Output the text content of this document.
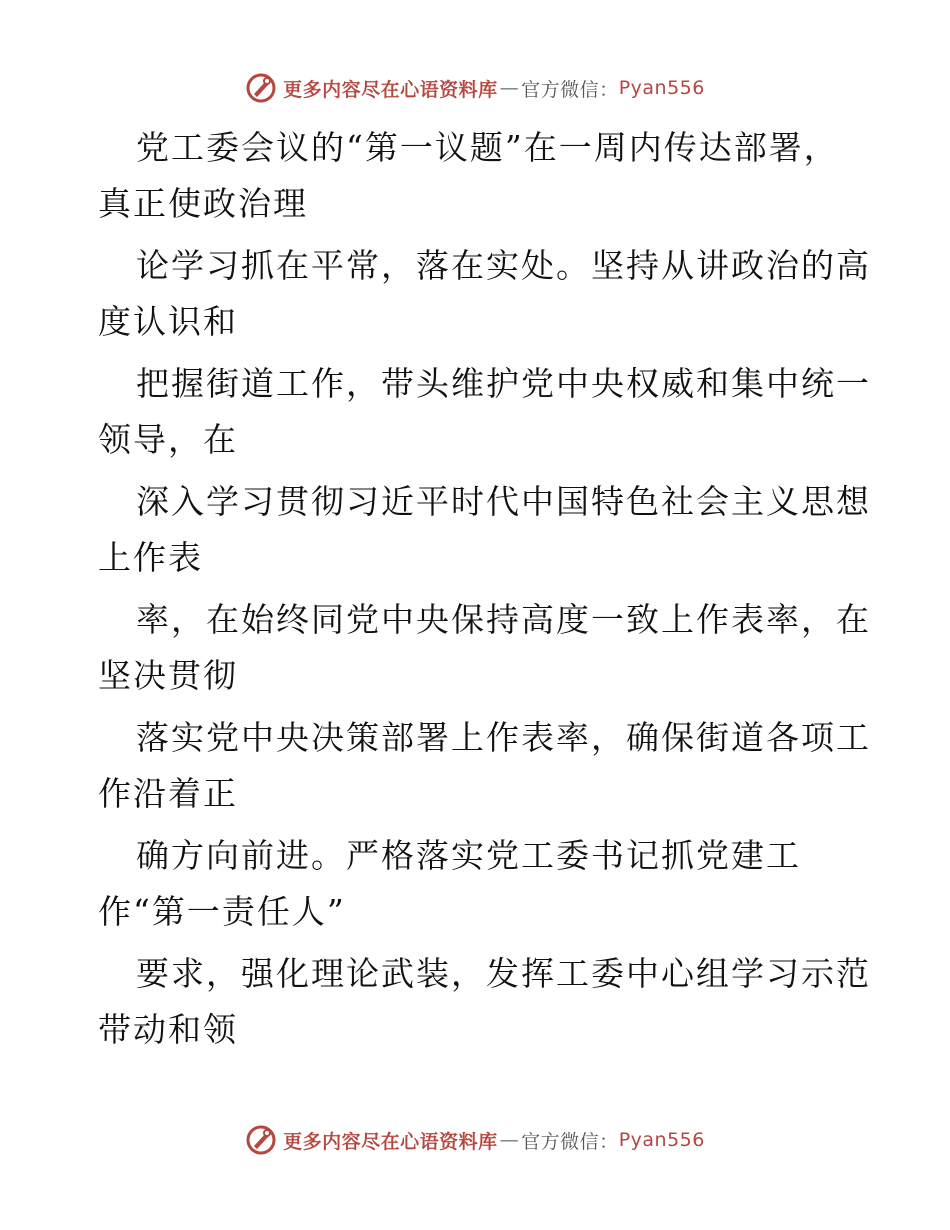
更多内容尽在心语资料库 — 官方微信： Pyan556
党工委会议的“第一议题”在一周内传达部署，
真正使政治理
论学习抓在平常，落在实处。坚持从讲政治的高
度认识和
把握街道工作，带头维护党中央权威和集中统一
领导，在
深入学习贯彻习近平时代中国特色社会主义思想
上作表
率，在始终同党中央保持高度一致上作表率，在
坚决贯彻
落实党中央决策部署上作表率，确保街道各项工
作沿着正
确方向前进。严格落实党工委书记抓党建工
作“第一责任人”
要求，强化理论武装，发挥工委中心组学习示范
带动和领
更多内容尽在心语资料库 — 官方微信： Pyan556
